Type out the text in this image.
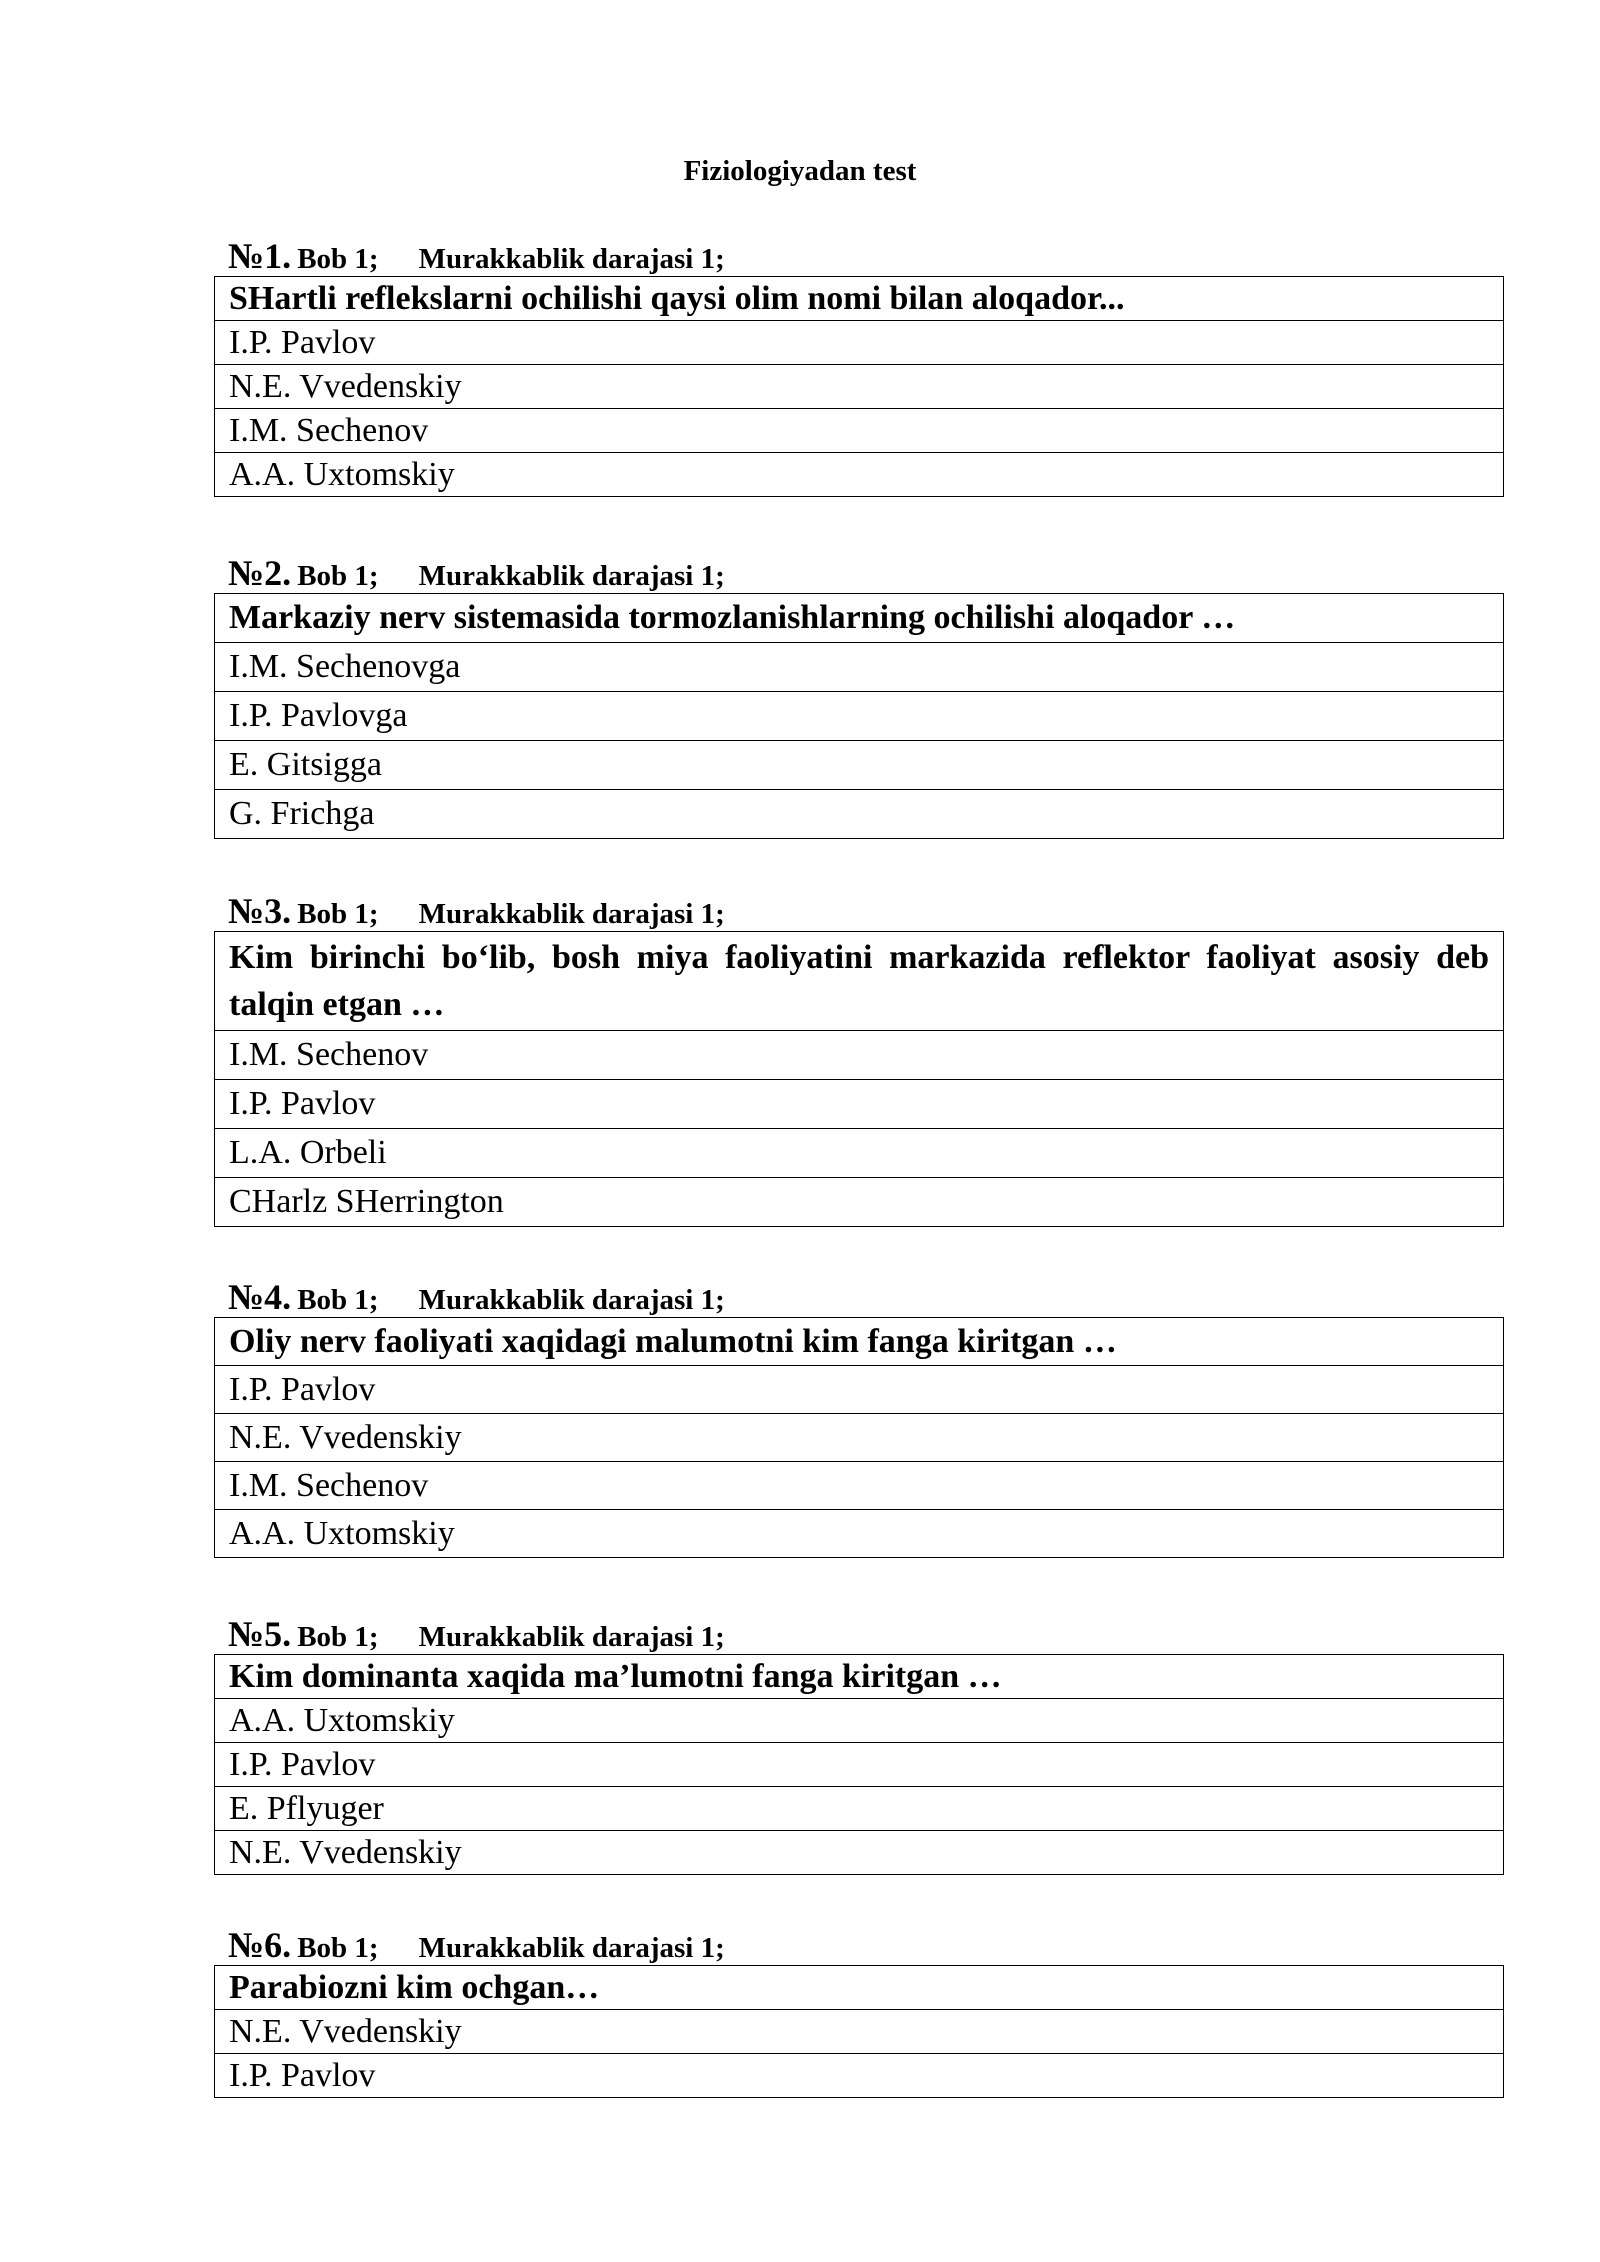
Fiziologiyadan test
№1. Bob 1; Murakkablik darajasi 1;
SHartli reflekslarni ochilishi qaysi olim nomi bilan aloqador...
I.P. Pavlov
N.E. Vvedenskiy
I.M. Sechenov
A.A. Uxtomskiy
№2. Bob 1; Murakkablik darajasi 1;
Markaziy nerv sistemasida tormozlanishlarning ochilishi aloqador …
I.M. Sechenovga
I.P. Pavlovga
E. Gitsigga
G. Frichga
№3. Bob 1; Murakkablik darajasi 1;
Kim birinchi bo‘lib, bosh miya faoliyatini markazida reflektor faoliyat asosiy deb talqin etgan …
I.M. Sechenov
I.P. Pavlov
L.A. Orbeli
CHarlz SHerrington
№4. Bob 1; Murakkablik darajasi 1;
Oliy nerv faoliyati xaqidagi malumotni kim fanga kiritgan …
I.P. Pavlov
N.E. Vvedenskiy
I.M. Sechenov
A.A. Uxtomskiy
№5. Bob 1; Murakkablik darajasi 1;
Kim dominanta xaqida ma’lumotni fanga kiritgan …
A.A. Uxtomskiy
I.P. Pavlov
E. Pflyuger
N.E. Vvedenskiy
№6. Bob 1; Murakkablik darajasi 1;
Parabiozni kim ochgan…
N.E. Vvedenskiy
I.P. Pavlov
